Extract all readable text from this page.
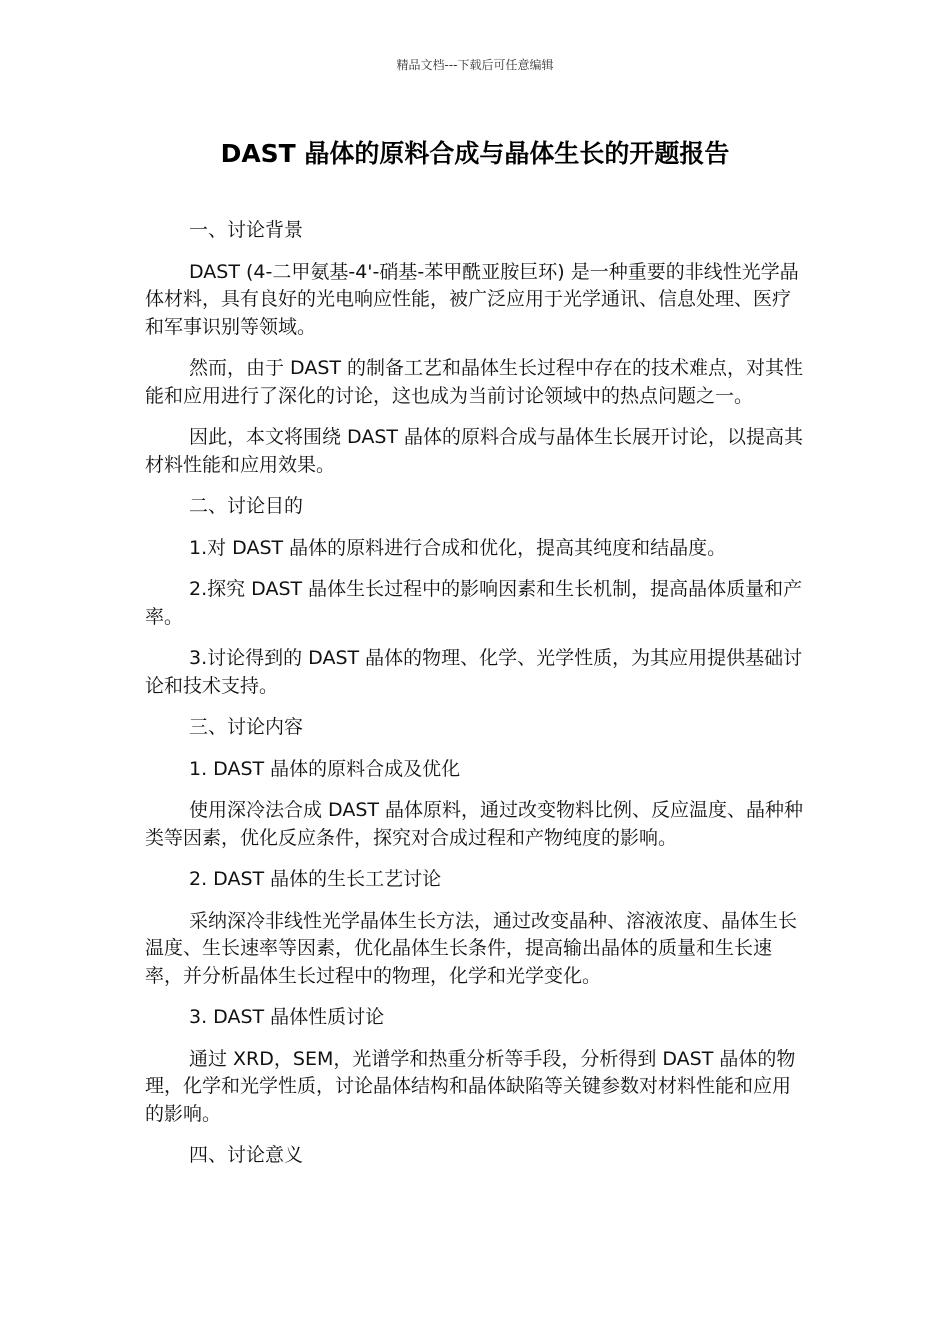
精品文档---下载后可任意编辑
DAST 晶体的原料合成与晶体生长的开题报告

一、讨论背景

DAST (4-二甲氨基-4'-硝基-苯甲酰亚胺巨环) 是一种重要的非线性光学晶体材料，具有良好的光电响应性能，被广泛应用于光学通讯、信息处理、医疗和军事识别等领域。

然而，由于 DAST 的制备工艺和晶体生长过程中存在的技术难点，对其性能和应用进行了深化的讨论，这也成为当前讨论领域中的热点问题之一。

因此，本文将围绕 DAST 晶体的原料合成与晶体生长展开讨论，以提高其材料性能和应用效果。

二、讨论目的

1.对 DAST 晶体的原料进行合成和优化，提高其纯度和结晶度。

2.探究 DAST 晶体生长过程中的影响因素和生长机制，提高晶体质量和产率。

3.讨论得到的 DAST 晶体的物理、化学、光学性质，为其应用提供基础讨论和技术支持。

三、讨论内容

1. DAST 晶体的原料合成及优化

使用深冷法合成 DAST 晶体原料，通过改变物料比例、反应温度、晶种种类等因素，优化反应条件，探究对合成过程和产物纯度的影响。

2. DAST 晶体的生长工艺讨论

采纳深冷非线性光学晶体生长方法，通过改变晶种、溶液浓度、晶体生长温度、生长速率等因素，优化晶体生长条件，提高输出晶体的质量和生长速率，并分析晶体生长过程中的物理，化学和光学变化。

3. DAST 晶体性质讨论

通过 XRD，SEM，光谱学和热重分析等手段，分析得到 DAST 晶体的物理，化学和光学性质，讨论晶体结构和晶体缺陷等关键参数对材料性能和应用的影响。

四、讨论意义
